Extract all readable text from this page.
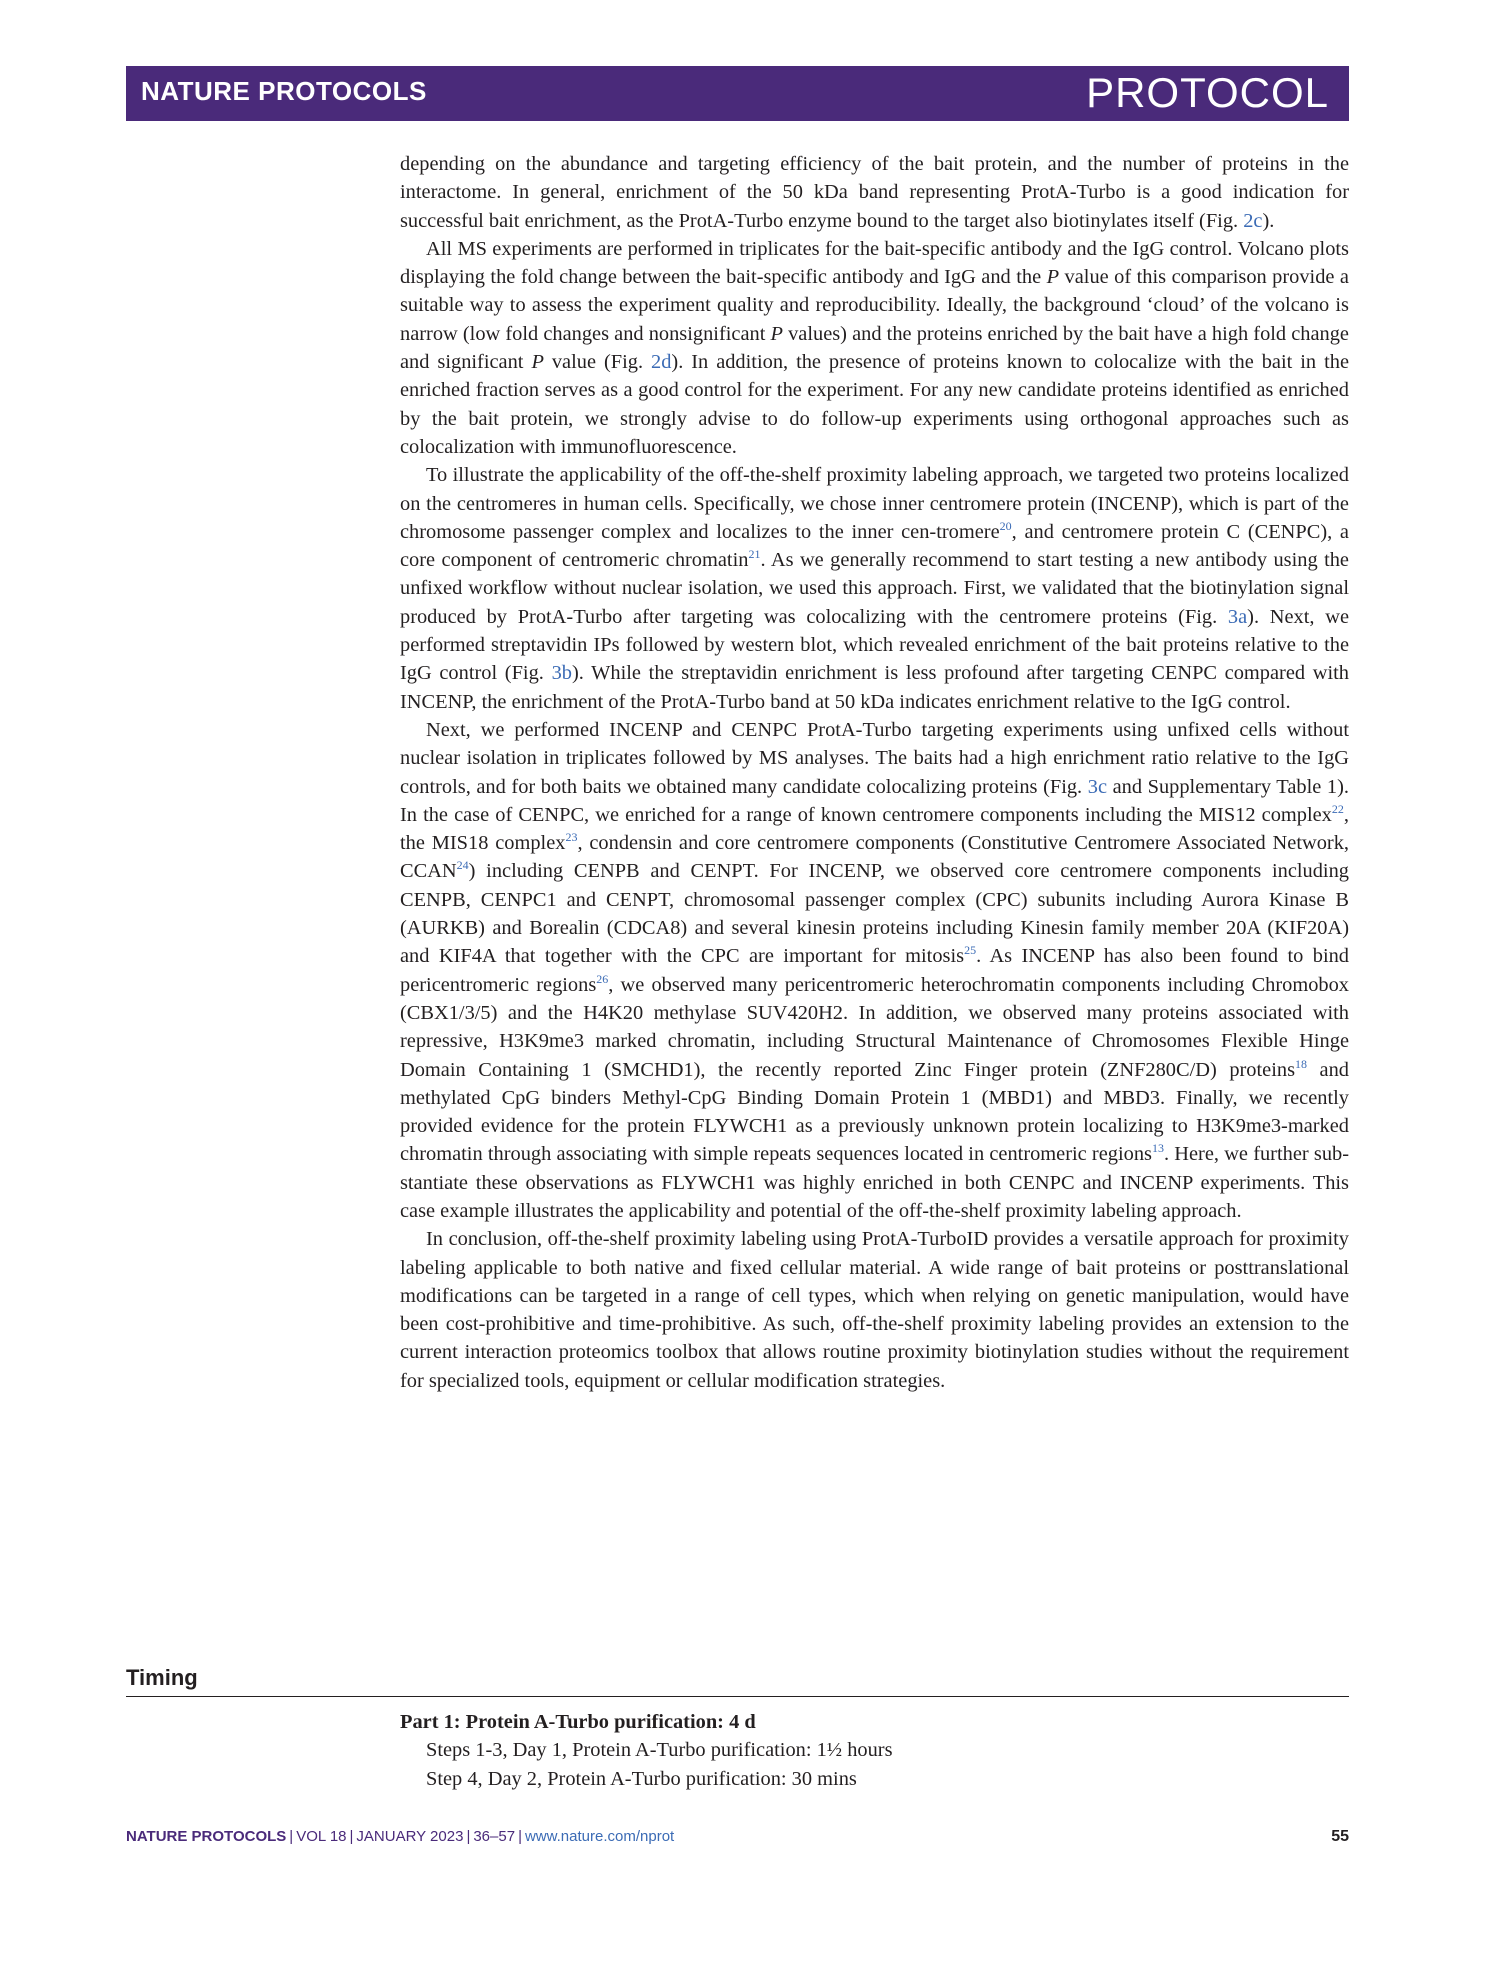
NATURE PROTOCOLS	PROTOCOL

depending on the abundance and targeting efficiency of the bait protein, and the number of proteins in the interactome. In general, enrichment of the 50 kDa band representing ProtA-Turbo is a good indication for successful bait enrichment, as the ProtA-Turbo enzyme bound to the target also biotinylates itself (Fig. 2c).

All MS experiments are performed in triplicates for the bait-specific antibody and the IgG control. Volcano plots displaying the fold change between the bait-specific antibody and IgG and the P value of this comparison provide a suitable way to assess the experiment quality and reproducibility. Ideally, the background ‘cloud’ of the volcano is narrow (low fold changes and nonsignificant P values) and the proteins enriched by the bait have a high fold change and significant P value (Fig. 2d). In addition, the presence of proteins known to colocalize with the bait in the enriched fraction serves as a good control for the experiment. For any new candidate proteins identified as enriched by the bait protein, we strongly advise to do follow-up experiments using orthogonal approaches such as colocalization with immunofluorescence.

To illustrate the applicability of the off-the-shelf proximity labeling approach, we targeted two proteins localized on the centromeres in human cells. Specifically, we chose inner centromere protein (INCENP), which is part of the chromosome passenger complex and localizes to the inner cen-tromere$^{20}$, and centromere protein C (CENPC), a core component of centromeric chromatin$^{21}$. As we generally recommend to start testing a new antibody using the unfixed workflow without nuclear isolation, we used this approach. First, we validated that the biotinylation signal produced by ProtA-Turbo after targeting was colocalizing with the centromere proteins (Fig. 3a). Next, we performed streptavidin IPs followed by western blot, which revealed enrichment of the bait proteins relative to the IgG control (Fig. 3b). While the streptavidin enrichment is less profound after targeting CENPC compared with INCENP, the enrichment of the ProtA-Turbo band at 50 kDa indicates enrichment relative to the IgG control.

Next, we performed INCENP and CENPC ProtA-Turbo targeting experiments using unfixed cells without nuclear isolation in triplicates followed by MS analyses. The baits had a high enrichment ratio relative to the IgG controls, and for both baits we obtained many candidate colocalizing proteins (Fig. 3c and Supplementary Table 1). In the case of CENPC, we enriched for a range of known centromere components including the MIS12 complex$^{22}$, the MIS18 complex$^{23}$, condensin and core centromere components (Constitutive Centromere Associated Network, CCAN$^{24}$) including CENPB and CENPT. For INCENP, we observed core centromere components including CENPB, CENPC1 and CENPT, chromosomal passenger complex (CPC) subunits including Aurora Kinase B (AURKB) and Borealin (CDCA8) and several kinesin proteins including Kinesin family member 20A (KIF20A) and KIF4A that together with the CPC are important for mitosis$^{25}$. As INCENP has also been found to bind pericentromeric regions$^{26}$, we observed many pericentromeric heterochromatin components including Chromobox (CBX1/3/5) and the H4K20 methylase SUV420H2. In addition, we observed many proteins associated with repressive, H3K9me3 marked chromatin, including Structural Maintenance of Chromosomes Flexible Hinge Domain Containing 1 (SMCHD1), the recently reported Zinc Finger protein (ZNF280C/D) proteins$^{18}$ and methylated CpG binders Methyl-CpG Binding Domain Protein 1 (MBD1) and MBD3. Finally, we recently provided evidence for the protein FLYWCH1 as a previously unknown protein localizing to H3K9me3-marked chromatin through associating with simple repeats sequences located in centromeric regions$^{13}$. Here, we further sub-stantiate these observations as FLYWCH1 was highly enriched in both CENPC and INCENP experiments. This case example illustrates the applicability and potential of the off-the-shelf proximity labeling approach.

In conclusion, off-the-shelf proximity labeling using ProtA-TurboID provides a versatile approach for proximity labeling applicable to both native and fixed cellular material. A wide range of bait proteins or posttranslational modifications can be targeted in a range of cell types, which when relying on genetic manipulation, would have been cost-prohibitive and time-prohibitive. As such, off-the-shelf proximity labeling provides an extension to the current interaction proteomics toolbox that allows routine proximity biotinylation studies without the requirement for specialized tools, equipment or cellular modification strategies.

Timing
Part 1: Protein A-Turbo purification: 4 d
Steps 1-3, Day 1, Protein A-Turbo purification: 1½ hours
Step 4, Day 2, Protein A-Turbo purification: 30 mins
NATURE PROTOCOLS | VOL 18 | JANUARY 2023 | 36–57 | www.nature.com/nprot	55
